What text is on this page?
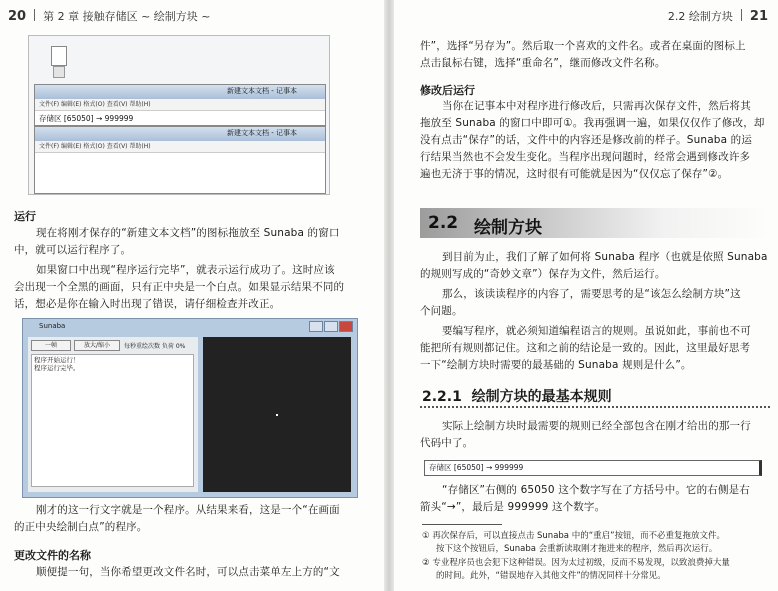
20 第 2 章 接触存储区 ~ 绘制方块 ~
新建文本文档 - 记事本
文件(F) 编辑(E) 格式(O) 查看(V) 帮助(H)
存储区 [65050] → 999999
新建文本文档 - 记事本
文件(F) 编辑(E) 格式(O) 查看(V) 帮助(H)
运行
现在将刚才保存的“新建文本文档”的图标拖放至 Sunaba 的窗口
中，就可以运行程序了。
如果窗口中出现“程序运行完毕”，就表示运行成功了。这时应该
会出现一个全黑的画面，只有正中央是一个白点。如果显示结果不同的
话，想必是你在输入时出现了错误，请仔细检查并改正。
Sunaba
一帧	放大/缩小	每秒重绘次数 负荷 0%
程序开始运行！
程序运行完毕。
刚才的这一行文字就是一个程序。从结果来看，这是一个“在画面
的正中央绘制白点”的程序。
更改文件的名称
顺便提一句，当你希望更改文件名时，可以点击菜单左上方的“文
2.2 绘制方块 21
件”，选择“另存为”。然后取一个喜欢的文件名。或者在桌面的图标上
点击鼠标右键，选择“重命名”，继而修改文件名称。
修改后运行
当你在记事本中对程序进行修改后，只需再次保存文件，然后将其
拖放至 Sunaba 的窗口中即可①。我再强调一遍，如果仅仅作了修改，却
没有点击“保存”的话，文件中的内容还是修改前的样子。Sunaba 的运
行结果当然也不会发生变化。当程序出现问题时，经常会遇到修改许多
遍也无济于事的情况，这时很有可能就是因为“仅仅忘了保存”②。
2.2 绘制方块
到目前为止，我们了解了如何将 Sunaba 程序（也就是依照 Sunaba
的规则写成的“奇妙文章”）保存为文件，然后运行。
那么，该读读程序的内容了，需要思考的是“该怎么绘制方块”这
个问题。
要编写程序，就必须知道编程语言的规则。虽说如此，事前也不可
能把所有规则都记住。这和之前的结论是一致的。因此，这里最好思考
一下“绘制方块时需要的最基础的 Sunaba 规则是什么”。
2.2.1 绘制方块的最基本规则
实际上绘制方块时最需要的规则已经全部包含在刚才给出的那一行
代码中了。
存储区 [65050] → 999999
“存储区”右侧的 65050 这个数字写在了方括号中。它的右侧是右
箭头“→”，最后是 999999 这个数字。
① 再次保存后，可以直接点击 Sunaba 中的“重启”按钮，而不必重复拖放文件。
按下这个按钮后，Sunaba 会重新读取刚才拖进来的程序，然后再次运行。
② 专业程序员也会犯下这种错误。因为太过初级，反而不易发现，以致浪费掉大量
的时间。此外，“错误地存入其他文件”的情况同样十分常见。
